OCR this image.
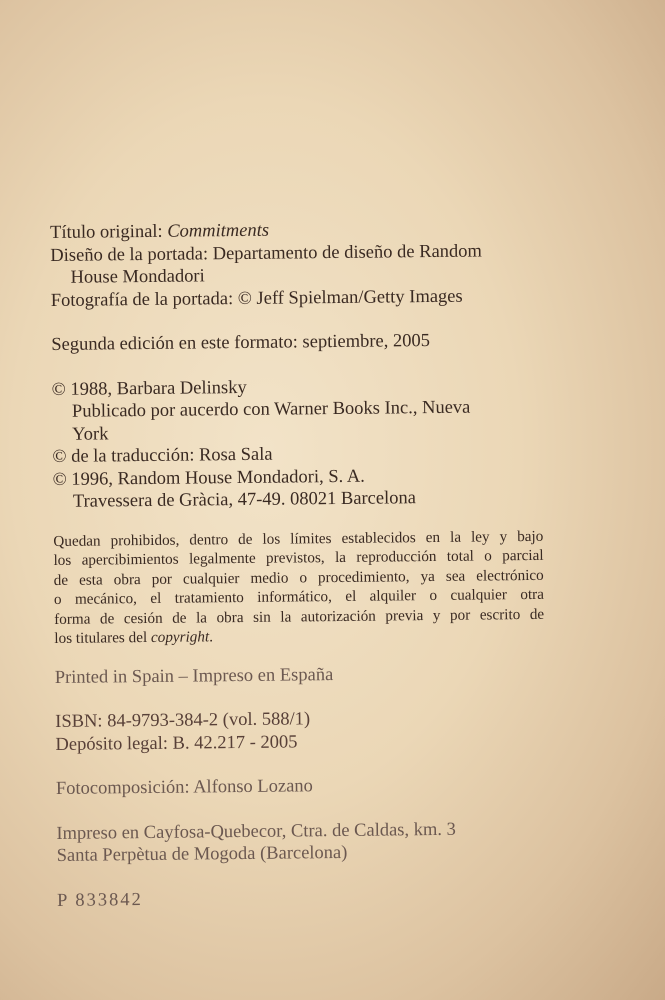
Título original: Commitments
Diseño de la portada: Departamento de diseño de Random
House Mondadori
Fotografía de la portada: © Jeff Spielman/Getty Images
Segunda edición en este formato: septiembre, 2005
© 1988, Barbara Delinsky
Publicado por aucerdo con Warner Books Inc., Nueva
York
© de la traducción: Rosa Sala
© 1996, Random House Mondadori, S. A.
Travessera de Gràcia, 47-49. 08021 Barcelona
Quedan prohibidos, dentro de los límites establecidos en la ley y bajo
los apercibimientos legalmente previstos, la reproducción total o parcial
de esta obra por cualquier medio o procedimiento, ya sea electrónico
o mecánico, el tratamiento informático, el alquiler o cualquier otra
forma de cesión de la obra sin la autorización previa y por escrito de
los titulares del copyright.
Printed in Spain – Impreso en España
ISBN: 84-9793-384-2 (vol. 588/1)
Depósito legal: B. 42.217 - 2005
Fotocomposición: Alfonso Lozano
Impreso en Cayfosa-Quebecor, Ctra. de Caldas, km. 3
Santa Perpètua de Mogoda (Barcelona)
P 833842
